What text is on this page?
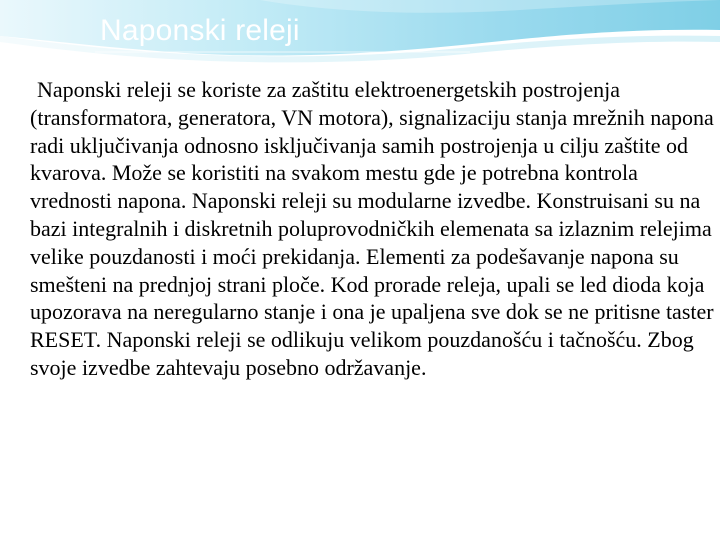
Naponski releji
Naponski releji se koriste za zaštitu elektroenergetskih postrojenja (transformatora, generatora, VN motora), signalizaciju stanja mrežnih napona radi uključivanja odnosno isključivanja samih postrojenja u cilju zaštite od kvarova. Može se koristiti na svakom mestu gde je potrebna kontrola vrednosti napona. Naponski releji su modularne izvedbe. Konstruisani su na bazi integralnih i diskretnih poluprovodničkih elemenata sa izlaznim relejima velike pouzdanosti i moći prekidanja. Elementi za podešavanje napona su smešteni na prednjoj strani ploče. Kod prorade releja, upali se led dioda koja upozorava na neregularno stanje i ona je upaljena sve dok se ne pritisne taster RESET. Naponski releji se odlikuju velikom pouzdanošću i tačnošću. Zbog svoje izvedbe zahtevaju posebno održavanje.
